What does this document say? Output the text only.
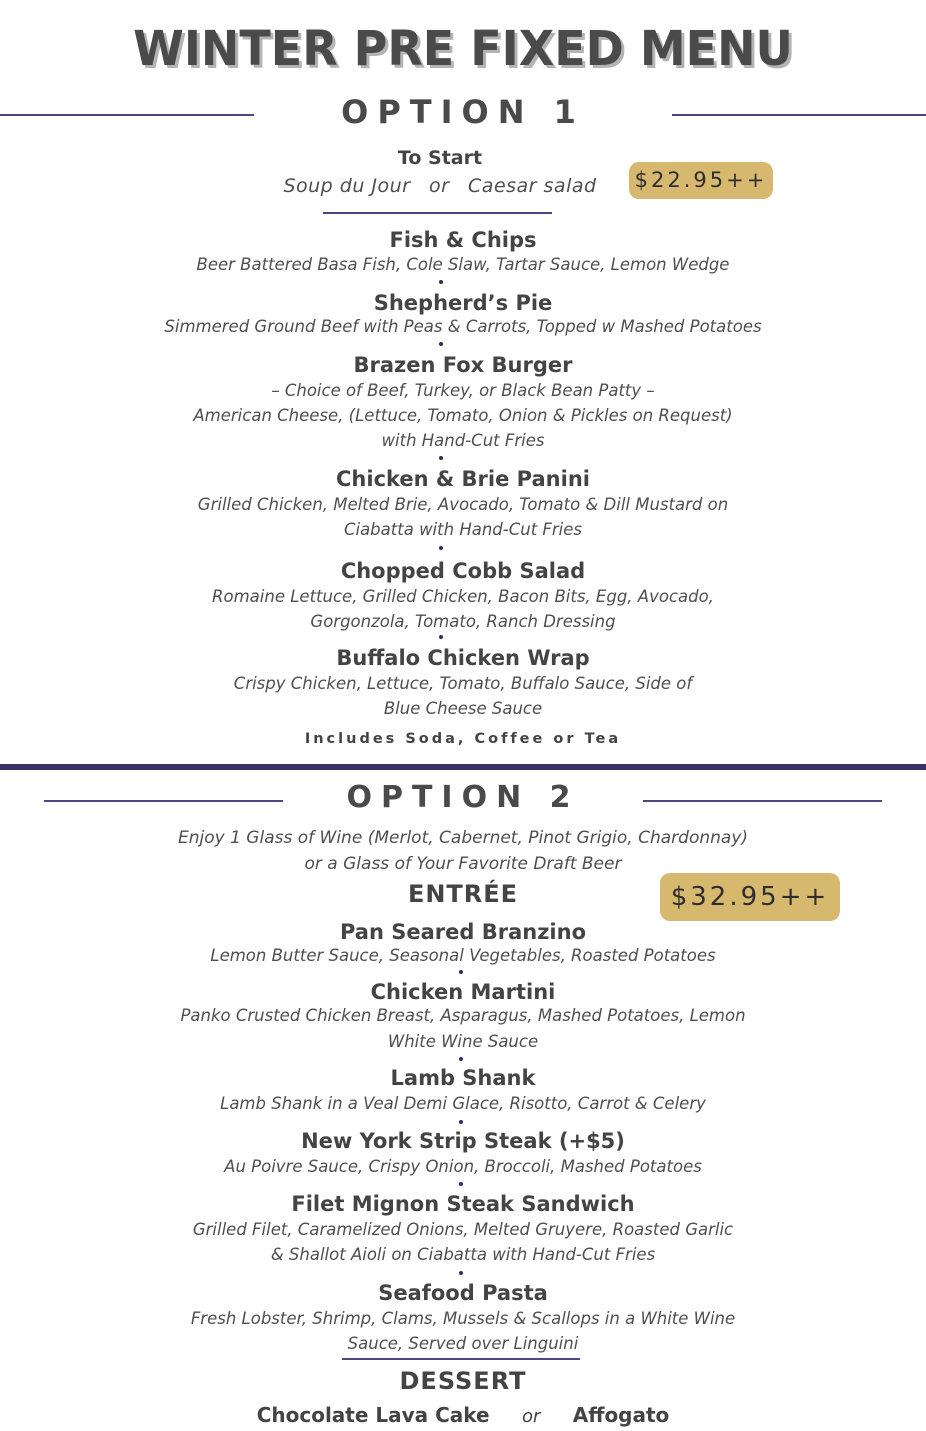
WINTER PRE FIXED MENU
OPTION 1
To Start
Soup du Jour or Caesar salad	$22.95++
Fish & Chips
Beer Battered Basa Fish, Cole Slaw, Tartar Sauce, Lemon Wedge
Shepherd’s Pie
Simmered Ground Beef with Peas & Carrots, Topped w Mashed Potatoes
Brazen Fox Burger
– Choice of Beef, Turkey, or Black Bean Patty –
American Cheese, (Lettuce, Tomato, Onion & Pickles on Request)
with Hand-Cut Fries
Chicken & Brie Panini
Grilled Chicken, Melted Brie, Avocado, Tomato & Dill Mustard on
Ciabatta with Hand-Cut Fries
Chopped Cobb Salad
Romaine Lettuce, Grilled Chicken, Bacon Bits, Egg, Avocado,
Gorgonzola, Tomato, Ranch Dressing
Buffalo Chicken Wrap
Crispy Chicken, Lettuce, Tomato, Buffalo Sauce, Side of
Blue Cheese Sauce
Includes Soda, Coffee or Tea
OPTION 2
Enjoy 1 Glass of Wine (Merlot, Cabernet, Pinot Grigio, Chardonnay)
or a Glass of Your Favorite Draft Beer
ENTRÉE	$32.95++
Pan Seared Branzino
Lemon Butter Sauce, Seasonal Vegetables, Roasted Potatoes
Chicken Martini
Panko Crusted Chicken Breast, Asparagus, Mashed Potatoes, Lemon
White Wine Sauce
Lamb Shank
Lamb Shank in a Veal Demi Glace, Risotto, Carrot & Celery
New York Strip Steak (+$5)
Au Poivre Sauce, Crispy Onion, Broccoli, Mashed Potatoes
Filet Mignon Steak Sandwich
Grilled Filet, Caramelized Onions, Melted Gruyere, Roasted Garlic
& Shallot Aioli on Ciabatta with Hand-Cut Fries
Seafood Pasta
Fresh Lobster, Shrimp, Clams, Mussels & Scallops in a White Wine
Sauce, Served over Linguini
DESSERT
Chocolate Lava Cake or Affogato
